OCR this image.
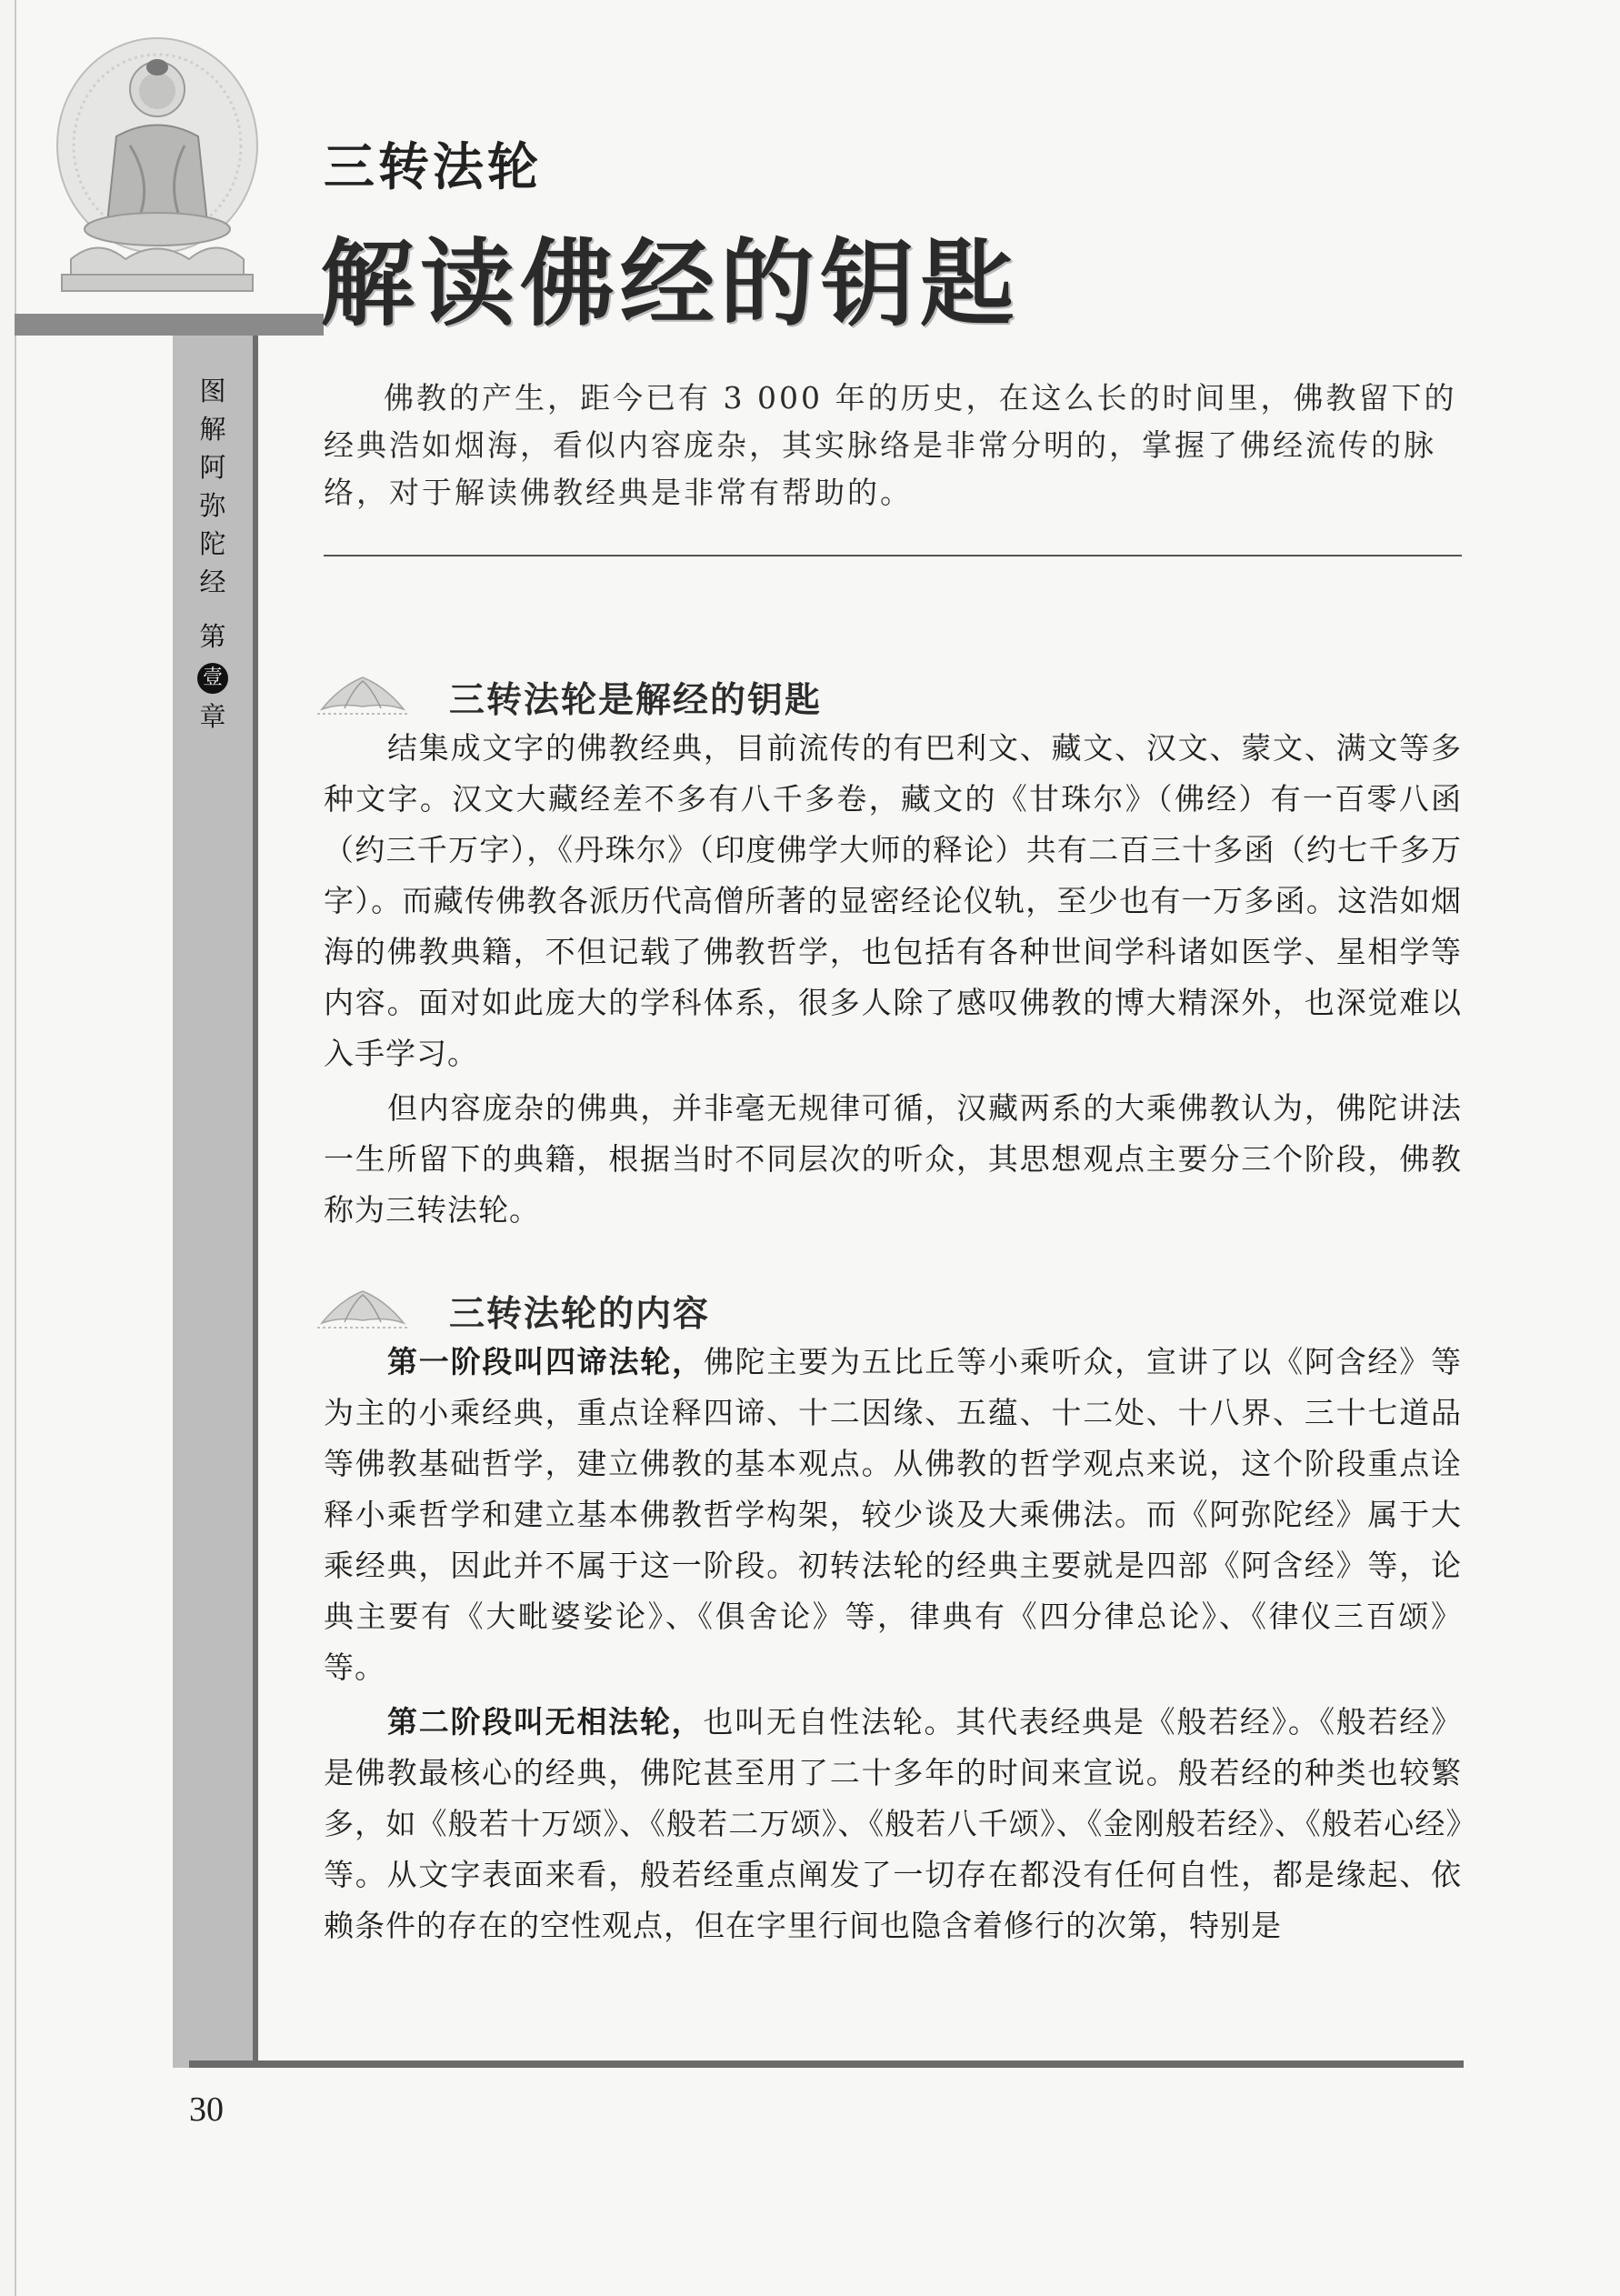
图
解
阿
弥
陀
经
第
壹
章
三转法轮
解读佛经的钥匙

佛教的产生，距今已有 3 000 年的历史，在这么长的时间里，佛教留下的经典浩如烟海，看似内容庞杂，其实脉络是非常分明的，掌握了佛经流传的脉络，对于解读佛教经典是非常有帮助的。

三转法轮是解经的钥匙

结集成文字的佛教经典，目前流传的有巴利文、藏文、汉文、蒙文、满文等多种文字。汉文大藏经差不多有八千多卷，藏文的《甘珠尔》（佛经）有一百零八函（约三千万字），《丹珠尔》（印度佛学大师的释论）共有二百三十多函（约七千多万字）。而藏传佛教各派历代高僧所著的显密经论仪轨，至少也有一万多函。这浩如烟海的佛教典籍，不但记载了佛教哲学，也包括有各种世间学科诸如医学、星相学等内容。面对如此庞大的学科体系，很多人除了感叹佛教的博大精深外，也深觉难以入手学习。

但内容庞杂的佛典，并非毫无规律可循，汉藏两系的大乘佛教认为，佛陀讲法一生所留下的典籍，根据当时不同层次的听众，其思想观点主要分三个阶段，佛教称为三转法轮。

三转法轮的内容

第一阶段叫四谛法轮，佛陀主要为五比丘等小乘听众，宣讲了以《阿含经》等为主的小乘经典，重点诠释四谛、十二因缘、五蕴、十二处、十八界、三十七道品等佛教基础哲学，建立佛教的基本观点。从佛教的哲学观点来说，这个阶段重点诠释小乘哲学和建立基本佛教哲学构架，较少谈及大乘佛法。而《阿弥陀经》属于大乘经典，因此并不属于这一阶段。初转法轮的经典主要就是四部《阿含经》等，论典主要有《大毗婆娑论》、《俱舍论》等，律典有《四分律总论》、《律仪三百颂》等。

第二阶段叫无相法轮，也叫无自性法轮。其代表经典是《般若经》。《般若经》是佛教最核心的经典，佛陀甚至用了二十多年的时间来宣说。般若经的种类也较繁多，如《般若十万颂》、《般若二万颂》、《般若八千颂》、《金刚般若经》、《般若心经》等。从文字表面来看，般若经重点阐发了一切存在都没有任何自性，都是缘起、依赖条件的存在的空性观点，但在字里行间也隐含着修行的次第，特别是

30
